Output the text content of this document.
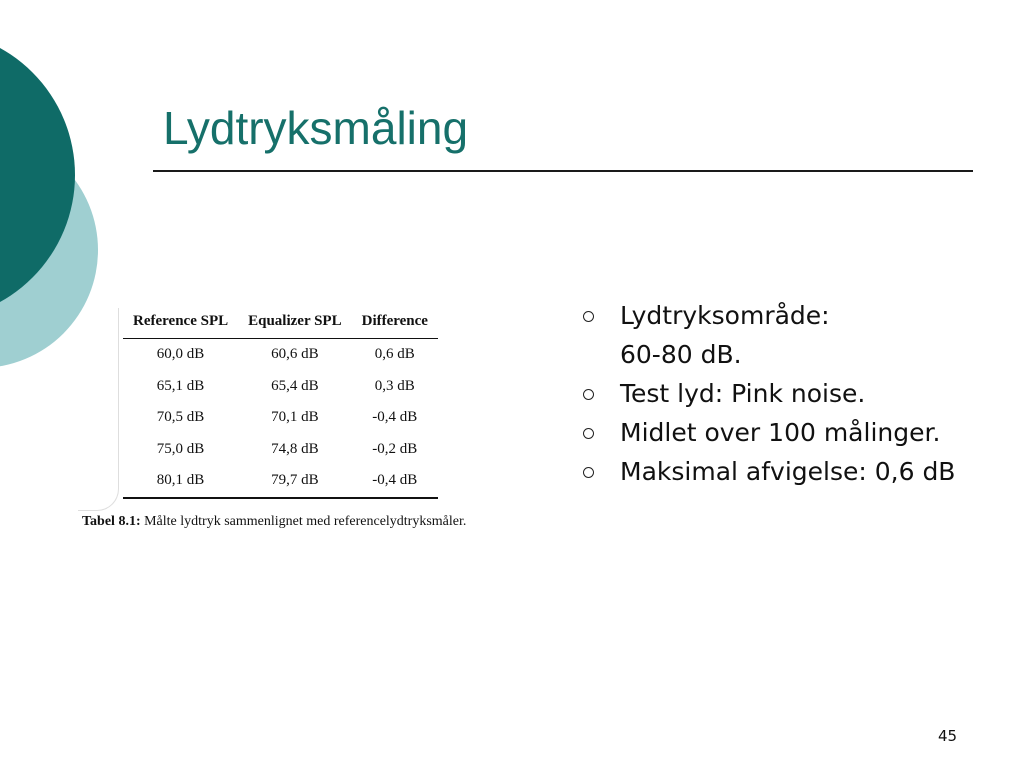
Lydtryksmåling
Reference SPL	Equalizer SPL	Difference
60,0 dB	60,6 dB	0,6 dB
65,1 dB	65,4 dB	0,3 dB
70,5 dB	70,1 dB	-0,4 dB
75,0 dB	74,8 dB	-0,2 dB
80,1 dB	79,7 dB	-0,4 dB
Tabel 8.1: Målte lydtryk sammenlignet med referencelydtryksmåler.
Lydtryksområde:
60-80 dB.
Test lyd: Pink noise.
Midlet over 100 målinger.
Maksimal afvigelse: 0,6 dB
45
